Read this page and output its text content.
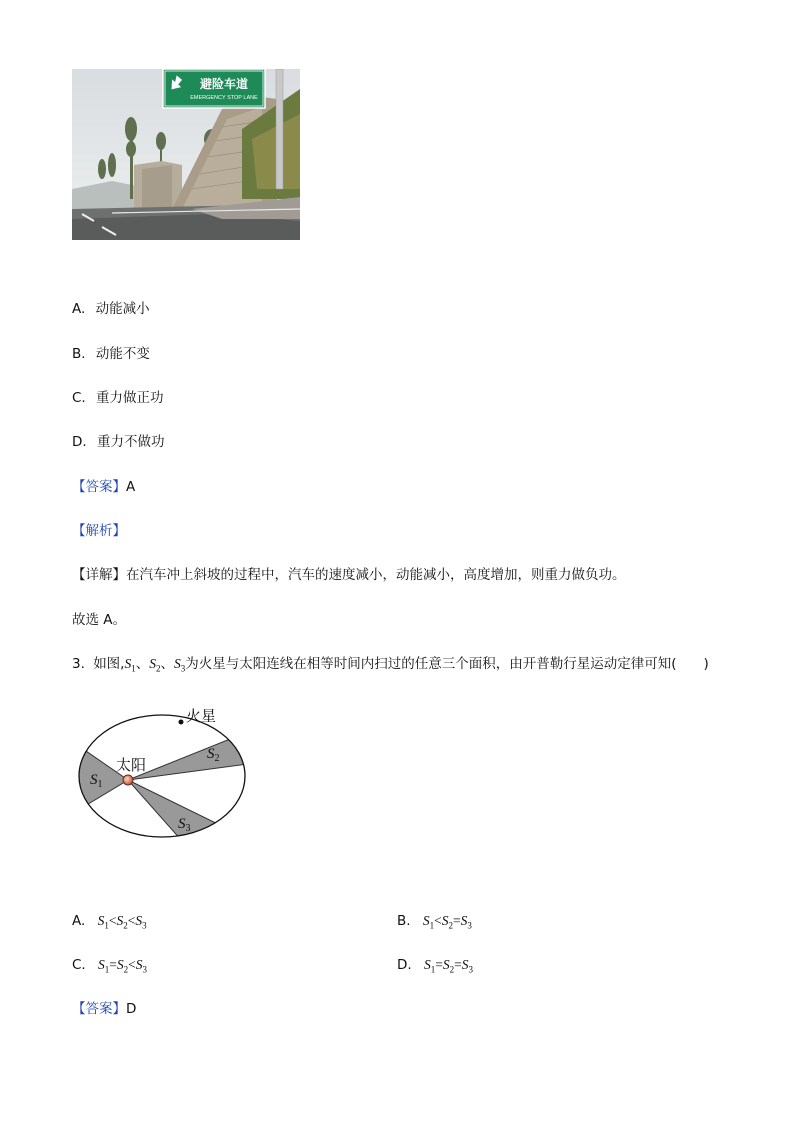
避险车道
EMERGENCY STOP LANE
A. 动能减小
B. 动能不变
C. 重力做正功
D. 重力不做功
【答案】A
【解析】
【详解】在汽车冲上斜坡的过程中，汽车的速度减小，动能减小，高度增加，则重力做负功。
故选 A。
3. 如图$,S_1$、$S_2$、$S_3$为火星与太阳连线在相等时间内扫过的任意三个面积，由开普勒行星运动定律可知(　　)
火星
太阳
$S_1$
$S_2$
$S_3$
A. $S_1<S_2<S_3$	B. $S_1<S_2=S_3$
C. $S_1=S_2<S_3$	D. $S_1=S_2=S_3$
【答案】D
